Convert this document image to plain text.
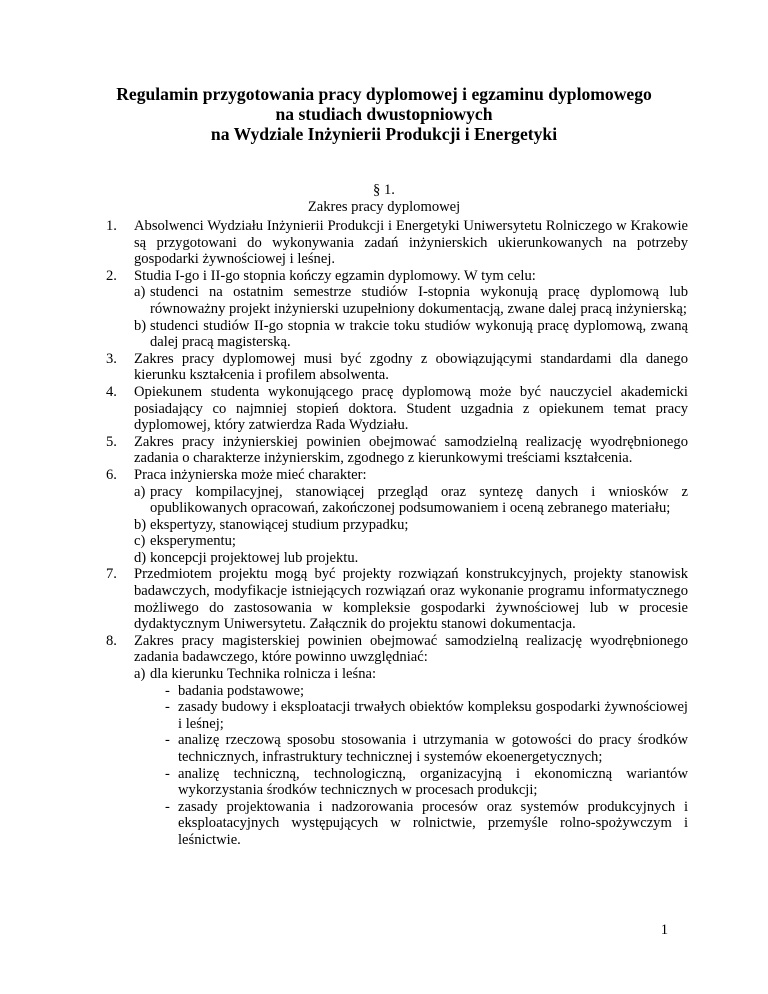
Regulamin przygotowania pracy dyplomowej i egzaminu dyplomowego
na studiach dwustopniowych
na Wydziale Inżynierii Produkcji i Energetyki
§ 1.
Zakres pracy dyplomowej
1.	Absolwenci Wydziału Inżynierii Produkcji i Energetyki Uniwersytetu Rolniczego w Krakowie są przygotowani do wykonywania zadań inżynierskich ukierunkowanych na potrzeby gospodarki żywnościowej i leśnej.
2.	Studia I-go i II-go stopnia kończy egzamin dyplomowy. W tym celu:
a) studenci na ostatnim semestrze studiów I-stopnia wykonują pracę dyplomową lub równoważny projekt inżynierski uzupełniony dokumentacją, zwane dalej pracą inżynierską;
b) studenci studiów II-go stopnia w trakcie toku studiów wykonują pracę dyplomową, zwaną dalej pracą magisterską.
3.	Zakres pracy dyplomowej musi być zgodny z obowiązującymi standardami dla danego kierunku kształcenia i profilem absolwenta.
4.	Opiekunem studenta wykonującego pracę dyplomową może być nauczyciel akademicki posiadający co najmniej stopień doktora. Student uzgadnia z opiekunem temat pracy dyplomowej, który zatwierdza Rada Wydziału.
5.	Zakres pracy inżynierskiej powinien obejmować samodzielną realizację wyodrębnionego zadania o charakterze inżynierskim, zgodnego z kierunkowymi treściami kształcenia.
6.	Praca inżynierska może mieć charakter:
a) pracy kompilacyjnej, stanowiącej przegląd oraz syntezę danych i wniosków z opublikowanych opracowań, zakończonej podsumowaniem i oceną zebranego materiału;
b) ekspertyzy, stanowiącej studium przypadku;
c) eksperymentu;
d) koncepcji projektowej lub projektu.
7.	Przedmiotem projektu mogą być projekty rozwiązań konstrukcyjnych, projekty stanowisk badawczych, modyfikacje istniejących rozwiązań oraz wykonanie programu informatycznego możliwego do zastosowania w kompleksie gospodarki żywnościowej lub w procesie dydaktycznym Uniwersytetu. Załącznik do projektu stanowi dokumentacja.
8.	Zakres pracy magisterskiej powinien obejmować samodzielną realizację wyodrębnionego zadania badawczego, które powinno uwzględniać:
a) dla kierunku Technika rolnicza i leśna:
- badania podstawowe;
- zasady budowy i eksploatacji trwałych obiektów kompleksu gospodarki żywnościowej i leśnej;
- analizę rzeczową sposobu stosowania i utrzymania w gotowości do pracy środków technicznych, infrastruktury technicznej i systemów ekoenergetycznych;
- analizę techniczną, technologiczną, organizacyjną i ekonomiczną wariantów wykorzystania środków technicznych w procesach produkcji;
- zasady projektowania i nadzorowania procesów oraz systemów produkcyjnych i eksploatacyjnych występujących w rolnictwie, przemyśle rolno-spożywczym i leśnictwie.
1
